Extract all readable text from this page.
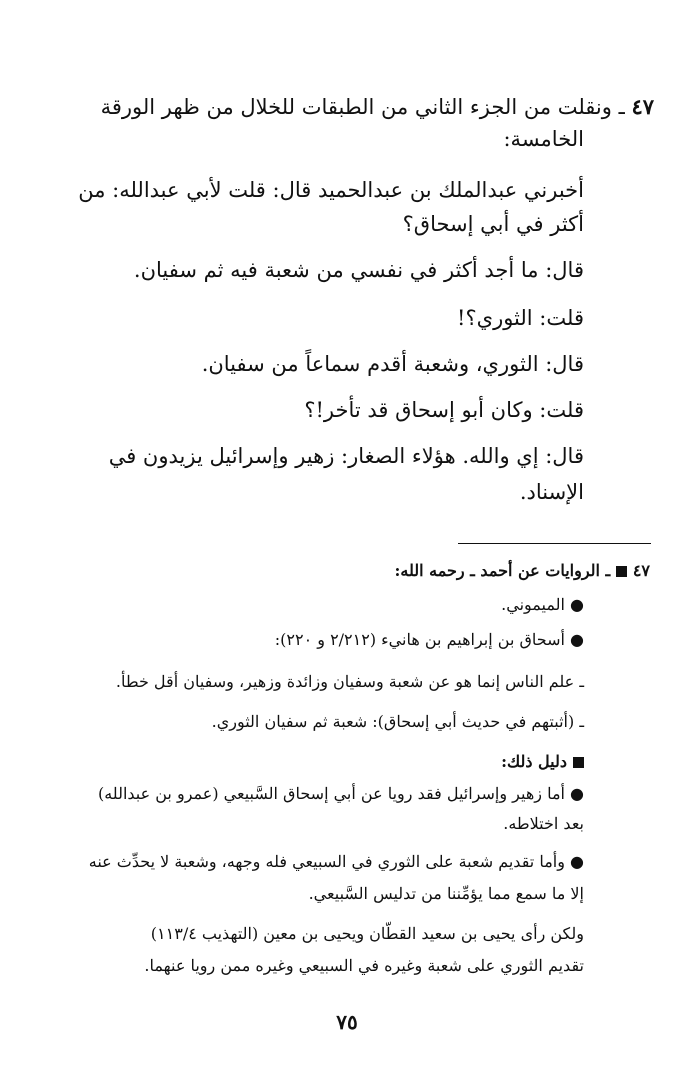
٤٧ ـ ونقلت من الجزء الثاني من الطبقات للخلال من ظهر الورقة
الخامسة:
أخبرني عبدالملك بن عبدالحميد قال: قلت لأبي عبدالله: من
أكثر في أبي إسحاق؟
قال: ما أجد أكثر في نفسي من شعبة فيه ثم سفيان.
قلت: الثوري؟!
قال: الثوري، وشعبة أقدم سماعاً من سفيان.
قلت: وكان أبو إسحاق قد تأخر!؟
قال: إي والله. هؤلاء الصغار: زهير وإسرائيل يزيدون في
الإسناد.
٤٧ ـ الروايات عن أحمد ـ رحمه الله:
● الميموني.
● أسحاق بن إبراهيم بن هانيء (٢/٢١٢ و ٢٢٠):
ـ علم الناس إنما هو عن شعبة وسفيان وزائدة وزهير، وسفيان أقل خطأ.
ـ (أثبتهم في حديث أبي إسحاق): شعبة ثم سفيان الثوري.
دليل ذلك:
● أما زهير وإسرائيل فقد رويا عن أبي إسحاق السَّبيعي (عمرو بن عبدالله)
بعد اختلاطه.
● وأما تقديم شعبة على الثوري في السبيعي فله وجهه، وشعبة لا يحدِّث عنه
إلا ما سمع مما يؤمِّننا من تدليس السَّبيعي.
ولكن رأى يحيى بن سعيد القطّان ويحيى بن معين (التهذيب ١١٣/٤)
تقديم الثوري على شعبة وغيره في السبيعي وغيره ممن رويا عنهما.
٧٥
